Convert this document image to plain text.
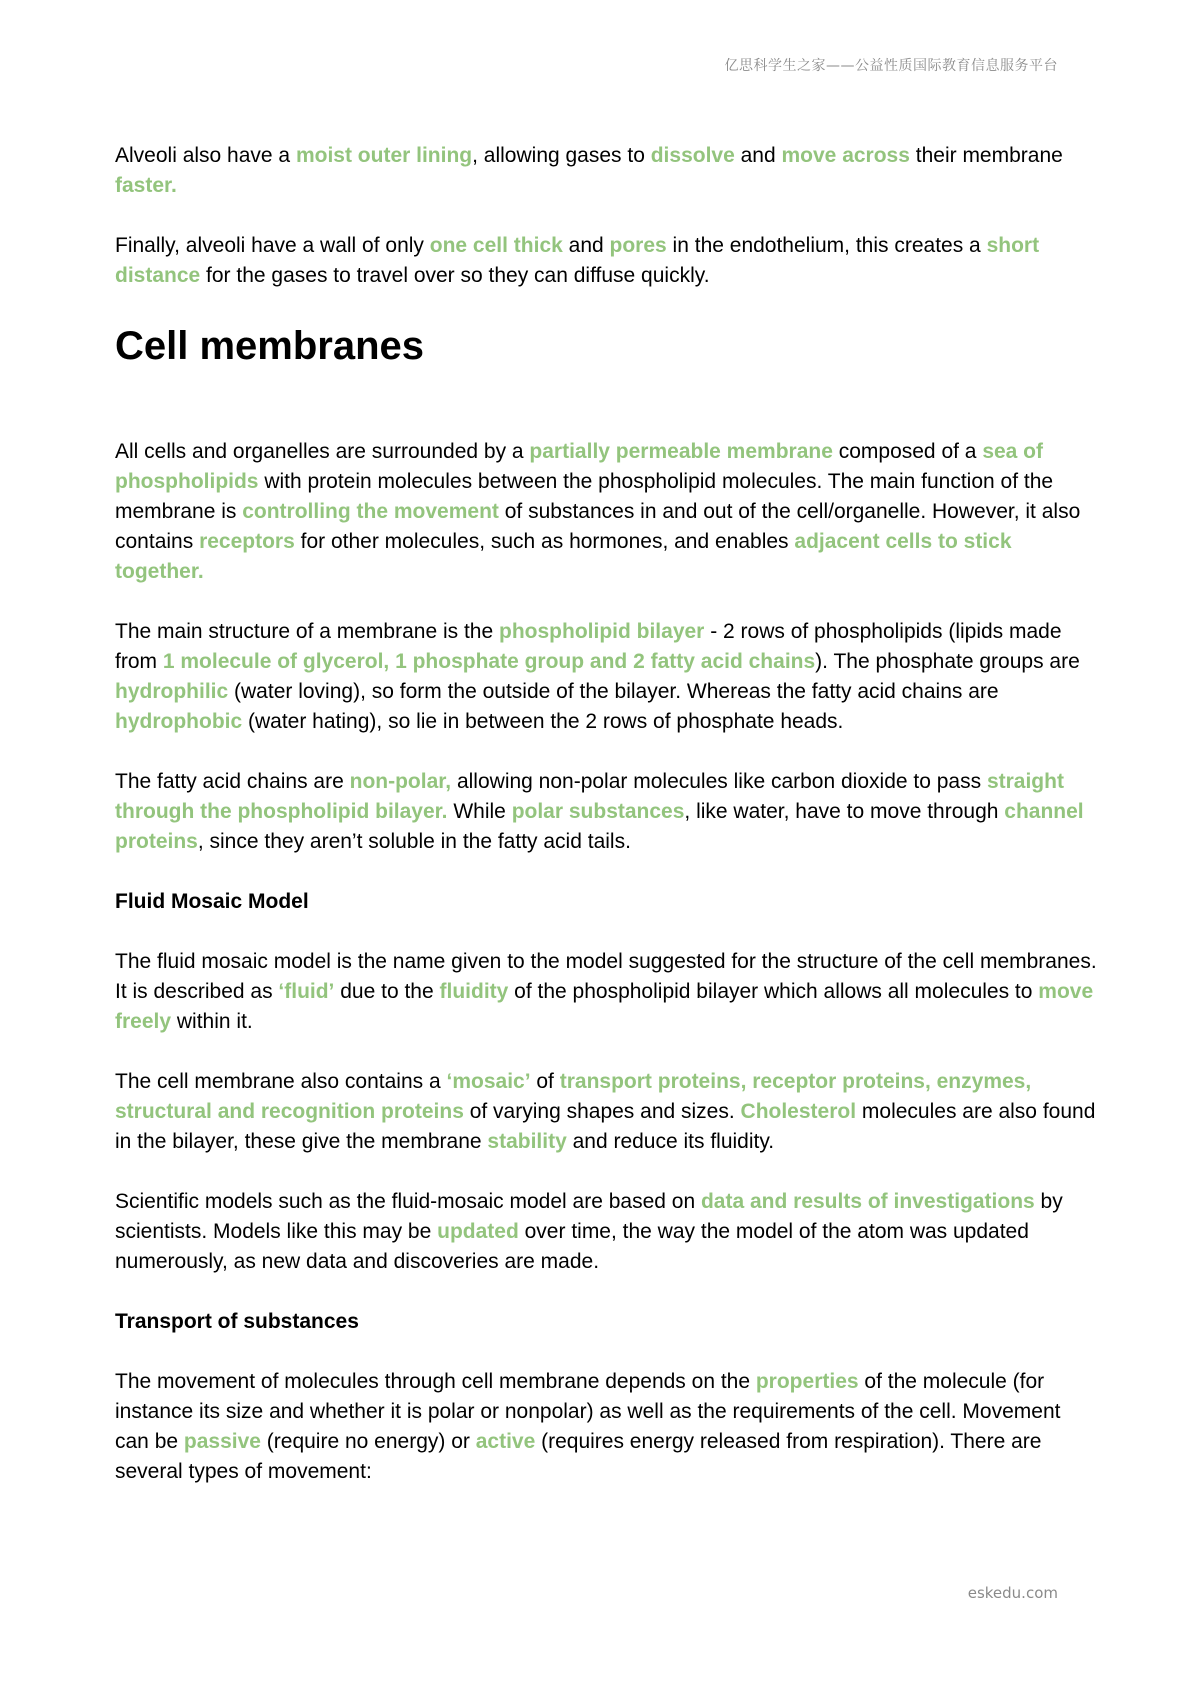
亿思科学生之家——公益性质国际教育信息服务平台

Alveoli also have a moist outer lining, allowing gases to dissolve and move across their membrane faster.

Finally, alveoli have a wall of only one cell thick and pores in the endothelium, this creates a short distance for the gases to travel over so they can diffuse quickly.

Cell membranes

All cells and organelles are surrounded by a partially permeable membrane composed of a sea of phospholipids with protein molecules between the phospholipid molecules. The main function of the membrane is controlling the movement of substances in and out of the cell/organelle. However, it also contains receptors for other molecules, such as hormones, and enables adjacent cells to stick together.

The main structure of a membrane is the phospholipid bilayer - 2 rows of phospholipids (lipids made from 1 molecule of glycerol, 1 phosphate group and 2 fatty acid chains). The phosphate groups are hydrophilic (water loving), so form the outside of the bilayer. Whereas the fatty acid chains are hydrophobic (water hating), so lie in between the 2 rows of phosphate heads.

The fatty acid chains are non-polar, allowing non-polar molecules like carbon dioxide to pass straight through the phospholipid bilayer. While polar substances, like water, have to move through channel proteins, since they aren’t soluble in the fatty acid tails.

Fluid Mosaic Model

The fluid mosaic model is the name given to the model suggested for the structure of the cell membranes. It is described as ‘fluid’ due to the fluidity of the phospholipid bilayer which allows all molecules to move freely within it.

The cell membrane also contains a ‘mosaic’ of transport proteins, receptor proteins, enzymes, structural and recognition proteins of varying shapes and sizes. Cholesterol molecules are also found in the bilayer, these give the membrane stability and reduce its fluidity.

Scientific models such as the fluid-mosaic model are based on data and results of investigations by scientists. Models like this may be updated over time, the way the model of the atom was updated numerously, as new data and discoveries are made.

Transport of substances

The movement of molecules through cell membrane depends on the properties of the molecule (for instance its size and whether it is polar or nonpolar) as well as the requirements of the cell. Movement can be passive (require no energy) or active (requires energy released from respiration). There are several types of movement:

eskedu.com
